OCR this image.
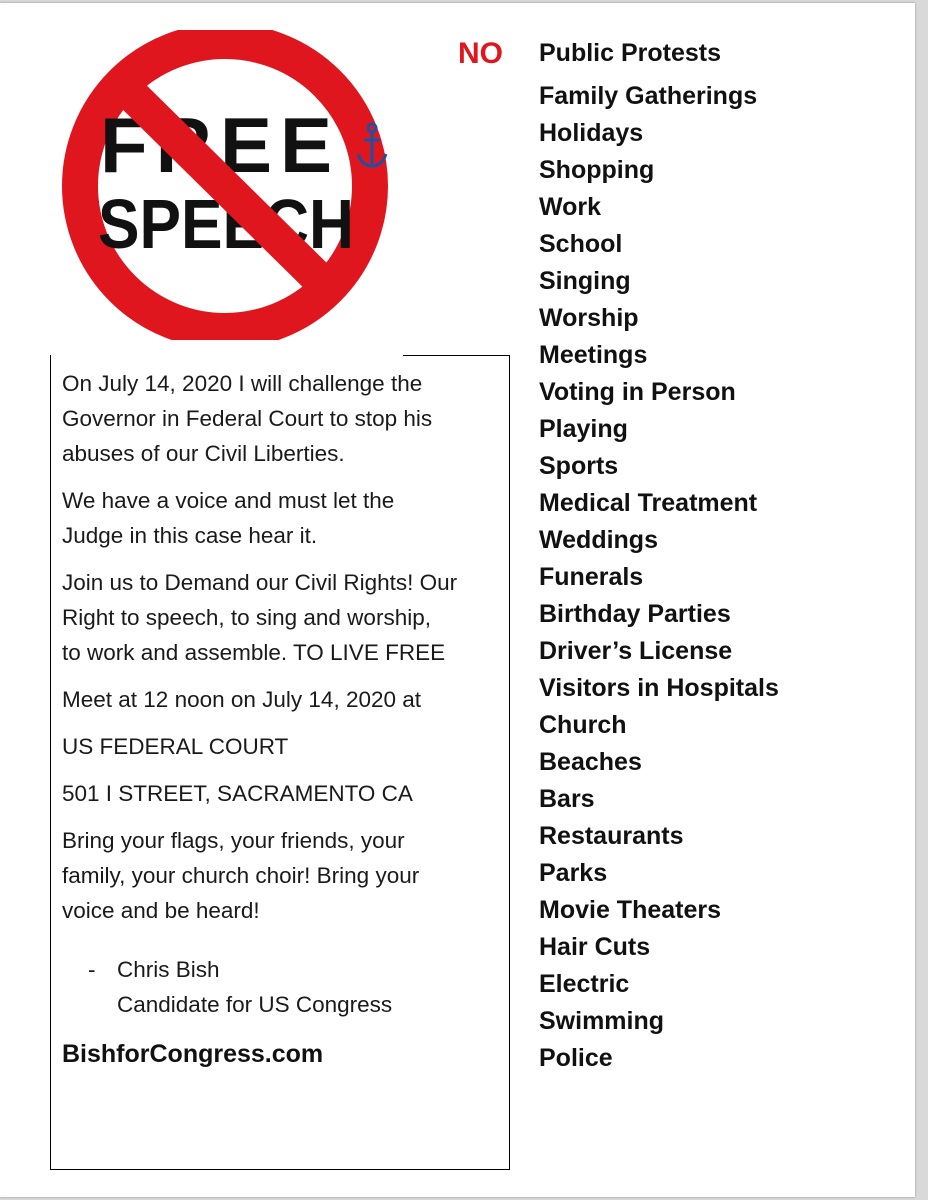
FREE
SPEECH
NO Public Protests
Family Gatherings
Holidays
Shopping
Work
School
Singing
Worship
Meetings
Voting in Person
Playing
Sports
Medical Treatment
Weddings
Funerals
Birthday Parties
Driver’s License
Visitors in Hospitals
Church
Beaches
Bars
Restaurants
Parks
Movie Theaters
Hair Cuts
Electric
Swimming
Police

On July 14, 2020 I will challenge the

Governor in Federal Court to stop his

abuses of our Civil Liberties.

We have a voice and must let the

Judge in this case hear it.

Join us to Demand our Civil Rights! Our

Right to speech, to sing and worship,

to work and assemble. TO LIVE FREE

Meet at 12 noon on July 14, 2020 at

US FEDERAL COURT

501 I STREET, SACRAMENTO CA

Bring your flags, your friends, your

family, your church choir! Bring your

voice and be heard!

- Chris Bish
Candidate for US Congress
BishforCongress.com
